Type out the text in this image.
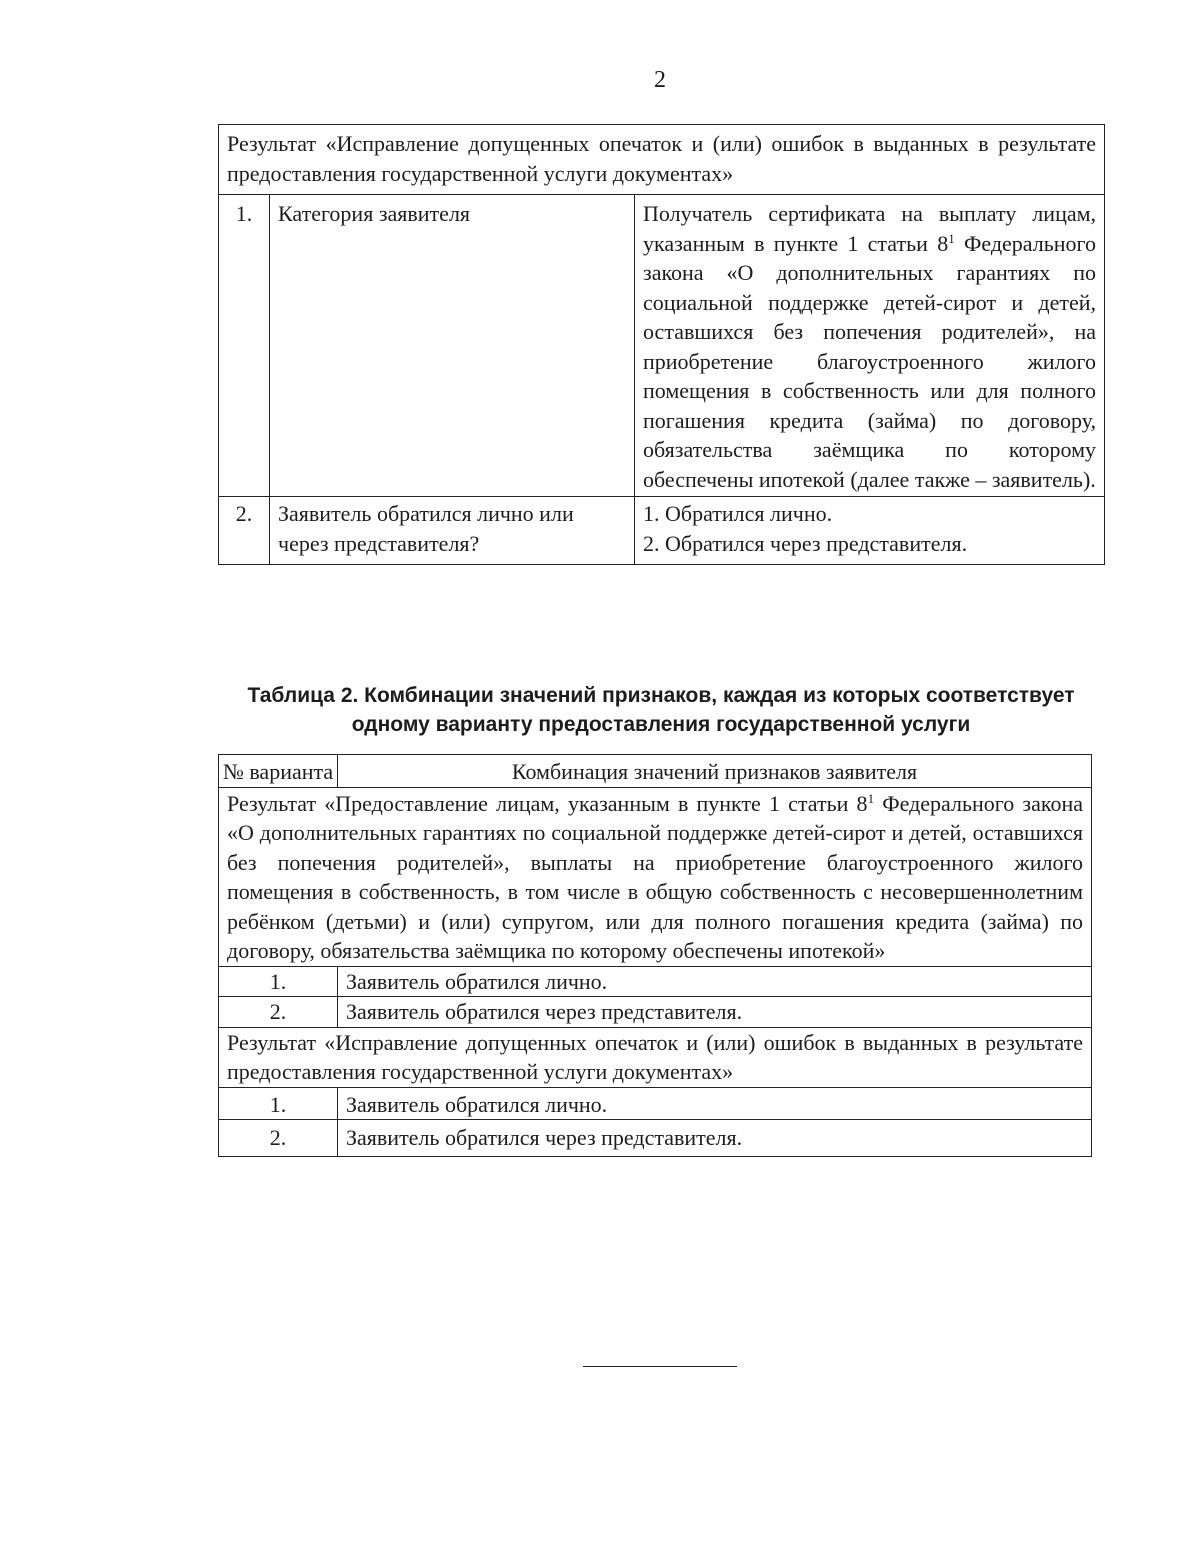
2
Результат «Исправление допущенных опечаток и (или) ошибок в выданных в результате предоставления государственной услуги документах»		
1.	Категория заявителя	Получатель сертификата на выплату лицам, указанным в пункте 1 статьи $8^1$ Федерального закона «О дополнительных гарантиях по социальной поддержке детей-сирот и детей, оставшихся без попечения родителей», на приобретение благоустроенного жилого помещения в собственность или для полного погашения кредита (займа) по договору, обязательства заёмщика по которому обеспечены ипотекой (далее также – заявитель).
2.	Заявитель обратился лично или через представителя?	1. Обратился лично.
2. Обратился через представителя.
Таблица 2. Комбинации значений признаков, каждая из которых соответствует одному варианту предоставления государственной услуги
№ варианта	Комбинация значений признаков заявителя
Результат «Предоставление лицам, указанным в пункте 1 статьи $8^1$ Федерального закона «О дополнительных гарантиях по социальной поддержке детей-сирот и детей, оставшихся без попечения родителей», выплаты на приобретение благоустроенного жилого помещения в собственность, в том числе в общую собственность с несовершеннолетним ребёнком (детьми) и (или) супругом, или для полного погашения кредита (займа) по договору, обязательства заёмщика по которому обеспечены ипотекой»	
1.	Заявитель обратился лично.
2.	Заявитель обратился через представителя.
Результат «Исправление допущенных опечаток и (или) ошибок в выданных в результате предоставления государственной услуги документах»	
1.	Заявитель обратился лично.
2.	Заявитель обратился через представителя.
